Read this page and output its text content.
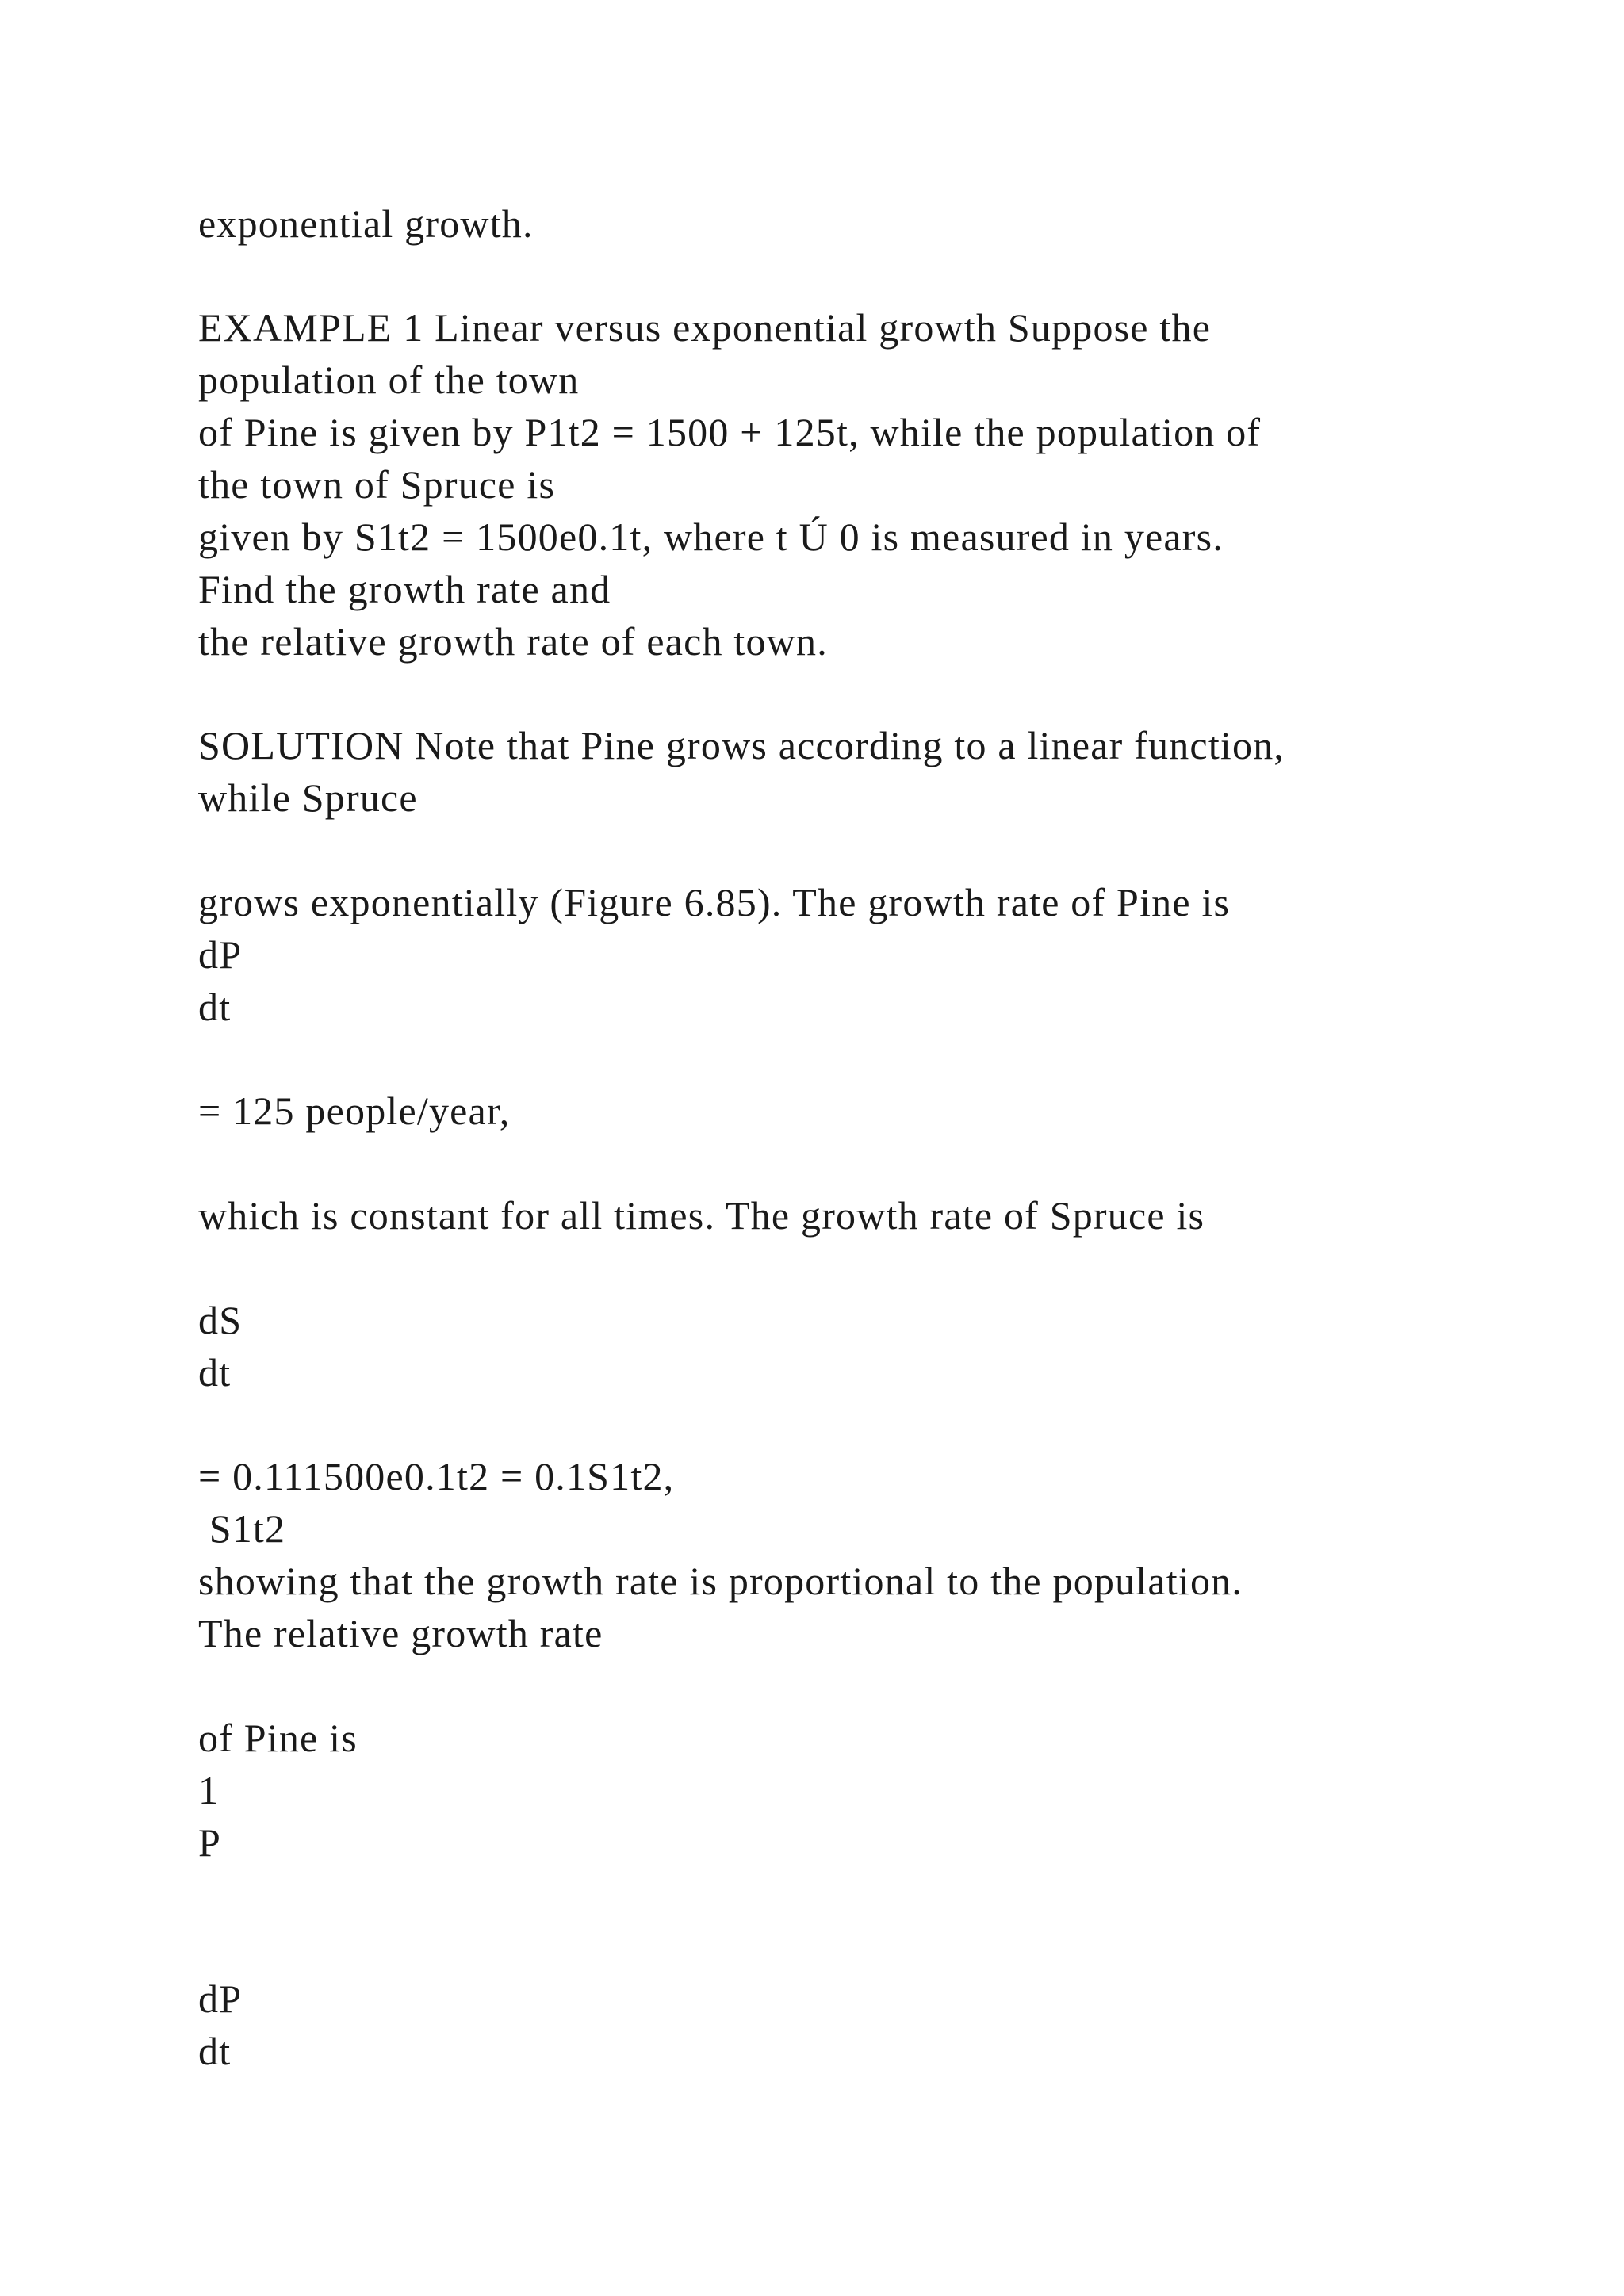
exponential growth.

EXAMPLE 1 Linear versus exponential growth Suppose the

population of the town

of Pine is given by P1t2 = 1500 + 125t, while the population of

the town of Spruce is

given by S1t2 = 1500e0.1t, where t Ú 0 is measured in years.

Find the growth rate and

the relative growth rate of each town.

SOLUTION Note that Pine grows according to a linear function,

while Spruce

grows exponentially (Figure 6.85). The growth rate of Pine is

dP

dt

= 125 people/year,

which is constant for all times. The growth rate of Spruce is

dS

dt

= 0.111500e0.1t2 = 0.1S1t2,

S1t2

showing that the growth rate is proportional to the population.

The relative growth rate

of Pine is

1

P

dP

dt
